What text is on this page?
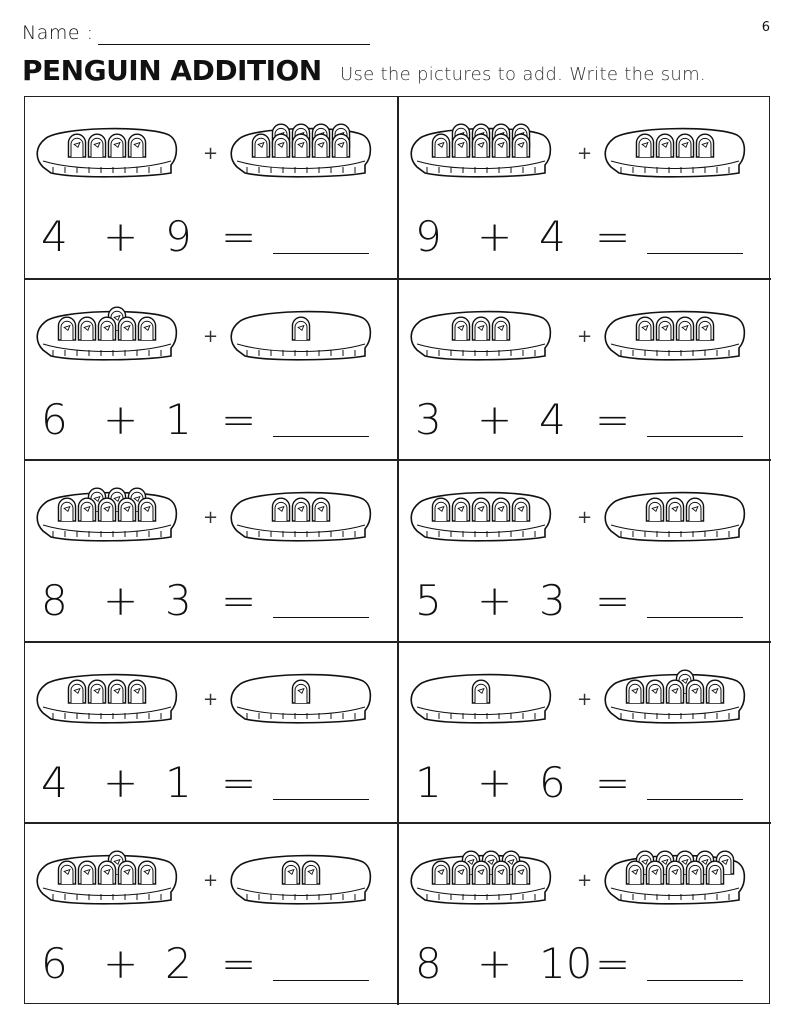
Name :	6
PENGUIN ADDITION Use the pictures to add. Write the sum.
+
4 + 9 =
+
9 + 4 =
+
6 + 1 =
+
3 + 4 =
+
8 + 3 =
+
5 + 3 =
+
4 + 1 =
+
1 + 6 =
+
6 + 2 =
+
8 + 10 =
